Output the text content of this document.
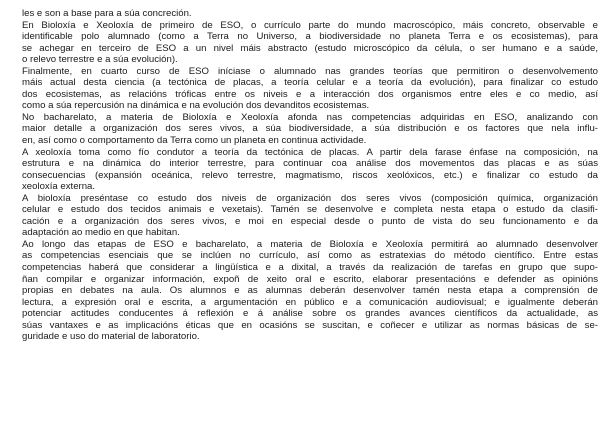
les e son a base para a súa concreción.
En Bioloxía e Xeoloxía de primeiro de ESO, o currículo parte do mundo macroscópico, máis concreto, observable e
identificable polo alumnado (como a Terra no Universo, a biodiversidade no planeta Terra e os ecosistemas), para
se achegar en terceiro de ESO a un nivel máis abstracto (estudo microscópico da célula, o ser humano e a saúde,
o relevo terrestre e a súa evolución).
Finalmente, en cuarto curso de ESO iníciase o alumnado nas grandes teorías que permitiron o desenvolvemento
máis actual desta ciencia (a tectónica de placas, a teoría celular e a teoría da evolución), para finalizar co estudo
dos ecosistemas, as relacións tróficas entre os niveis e a interacción dos organismos entre eles e co medio, así
como a súa repercusión na dinámica e na evolución dos devanditos ecosistemas.
No bacharelato, a materia de Bioloxía e Xeoloxía afonda nas competencias adquiridas en ESO, analizando con
maior detalle a organización dos seres vivos, a súa biodiversidade, a súa distribución e os factores que nela influ-
en, así como o comportamento da Terra como un planeta en continua actividade.
A xeoloxía toma como fío condutor a teoría da tectónica de placas. A partir dela farase énfase na composición, na
estrutura e na dinámica do interior terrestre, para continuar coa análise dos movementos das placas e as súas
consecuencias (expansión oceánica, relevo terrestre, magmatismo, riscos xeolóxicos, etc.) e finalizar co estudo da
xeoloxía externa.
A bioloxía preséntase co estudo dos niveis de organización dos seres vivos (composición química, organización
celular e estudo dos tecidos animais e vexetais). Tamén se desenvolve e completa nesta etapa o estudo da clasifi-
cación e a organización dos seres vivos, e moi en especial desde o punto de vista do seu funcionamento e da
adaptación ao medio en que habitan.
Ao longo das etapas de ESO e bacharelato, a materia de Bioloxía e Xeoloxía permitirá ao alumnado desenvolver
as competencias esenciais que se inclúen no currículo, así como as estratexias do método científico. Entre estas
competencias haberá que considerar a lingüística e a dixital, a través da realización de tarefas en grupo que supo-
ñan compilar e organizar información, expoñ de xeito oral e escrito, elaborar presentacións e defender as opinións
propias en debates na aula. Os alumnos e as alumnas deberán desenvolver tamén nesta etapa a comprensión de
lectura, a expresión oral e escrita, a argumentación en público e a comunicación audiovisual; e igualmente deberán
potenciar actitudes conducentes á reflexión e á análise sobre os grandes avances científicos da actualidade, as
súas vantaxes e as implicacións éticas que en ocasións se suscitan, e coñecer e utilizar as normas básicas de se-
guridade e uso do material de laboratorio.
